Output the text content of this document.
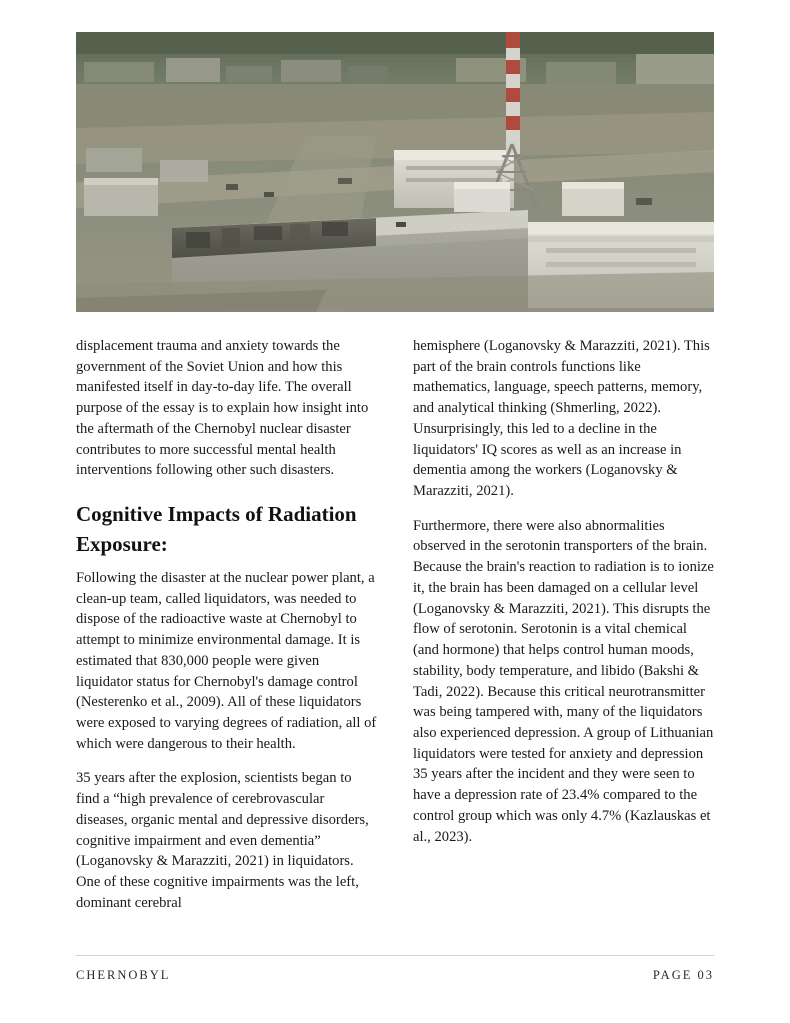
displacement trauma and anxiety towards the government of the Soviet Union and how this manifested itself in day-to-day life. The overall purpose of the essay is to explain how insight into the aftermath of the Chernobyl nuclear disaster contributes to more successful mental health interventions following other such disasters.

Cognitive Impacts of Radiation Exposure:

Following the disaster at the nuclear power plant, a clean-up team, called liquidators, was needed to dispose of the radioactive waste at Chernobyl to attempt to minimize environmental damage. It is estimated that 830,000 people were given liquidator status for Chernobyl's damage control (Nesterenko et al., 2009). All of these liquidators were exposed to varying degrees of radiation, all of which were dangerous to their health.

35 years after the explosion, scientists began to find a “high prevalence of cerebrovascular diseases, organic mental and depressive disorders, cognitive impairment and even dementia” (Loganovsky & Marazziti, 2021) in liquidators. One of these cognitive impairments was the left, dominant cerebral

hemisphere (Loganovsky & Marazziti, 2021). This part of the brain controls functions like mathematics, language, speech patterns, memory, and analytical thinking (Shmerling, 2022). Unsurprisingly, this led to a decline in the liquidators' IQ scores as well as an increase in dementia among the workers (Loganovsky & Marazziti, 2021).

Furthermore, there were also abnormalities observed in the serotonin transporters of the brain. Because the brain's reaction to radiation is to ionize it, the brain has been damaged on a cellular level (Loganovsky & Marazziti, 2021). This disrupts the flow of serotonin. Serotonin is a vital chemical (and hormone) that helps control human moods, stability, body temperature, and libido (Bakshi & Tadi, 2022). Because this critical neurotransmitter was being tampered with, many of the liquidators also experienced depression. A group of Lithuanian liquidators were tested for anxiety and depression 35 years after the incident and they were seen to have a depression rate of 23.4% compared to the control group which was only 4.7% (Kazlauskas et al., 2023).

CHERNOBYL	PAGE 03
